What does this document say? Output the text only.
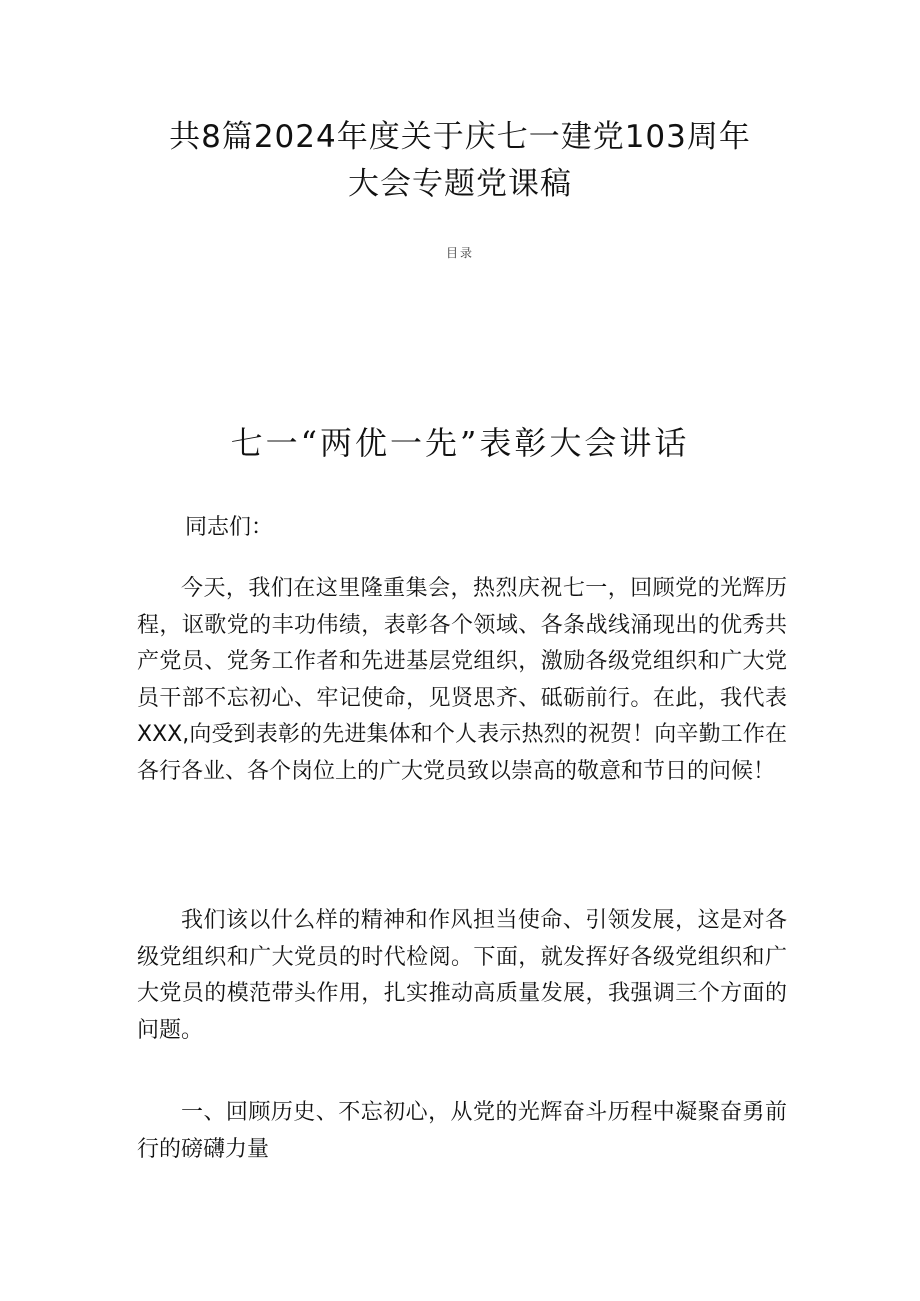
共8篇2024年度关于庆七一建党103周年
大会专题党课稿
目录
七一“两优一先”表彰大会讲话

同志们：

今天，我们在这里隆重集会，热烈庆祝七一，回顾党的光辉历程，讴歌党的丰功伟绩，表彰各个领域、各条战线涌现出的优秀共产党员、党务工作者和先进基层党组织，激励各级党组织和广大党员干部不忘初心、牢记使命，见贤思齐、砥砺前行。在此，我代表XXX,向受到表彰的先进集体和个人表示热烈的祝贺！向辛勤工作在各行各业、各个岗位上的广大党员致以崇高的敬意和节日的问候！

我们该以什么样的精神和作风担当使命、引领发展，这是对各级党组织和广大党员的时代检阅。下面，就发挥好各级党组织和广大党员的模范带头作用，扎实推动高质量发展，我强调三个方面的问题。

一、回顾历史、不忘初心，从党的光辉奋斗历程中凝聚奋勇前行的磅礴力量
